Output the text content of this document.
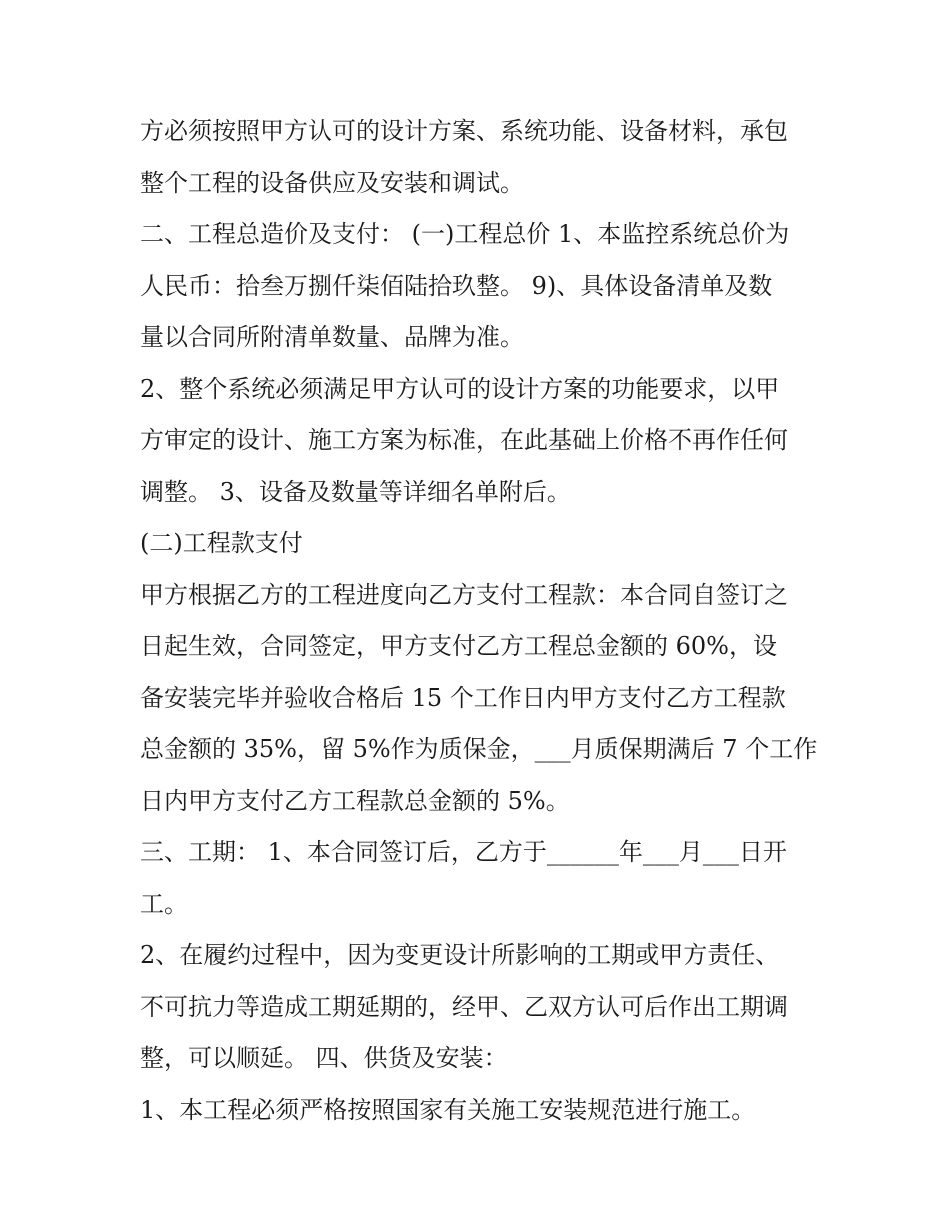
方必须按照甲方认可的设计方案、系统功能、设备材料，承包
整个工程的设备供应及安装和调试。
二、工程总造价及支付： (一)工程总价 1、本监控系统总价为
人民币：拾叁万捌仟柒佰陆拾玖整。 9)、具体设备清单及数
量以合同所附清单数量、品牌为准。
2、整个系统必须满足甲方认可的设计方案的功能要求，以甲
方审定的设计、施工方案为标准，在此基础上价格不再作任何
调整。 3、设备及数量等详细名单附后。
(二)工程款支付
甲方根据乙方的工程进度向乙方支付工程款：本合同自签订之
日起生效，合同签定，甲方支付乙方工程总金额的 60%，设
备安装完毕并验收合格后 15 个工作日内甲方支付乙方工程款
总金额的 35%，留 5%作为质保金，___月质保期满后 7 个工作
日内甲方支付乙方工程款总金额的 5%。
三、工期： 1、本合同签订后，乙方于______年___月___日开
工。
2、在履约过程中，因为变更设计所影响的工期或甲方责任、
不可抗力等造成工期延期的，经甲、乙双方认可后作出工期调
整，可以顺延。 四、供货及安装：
1、本工程必须严格按照国家有关施工安装规范进行施工。
